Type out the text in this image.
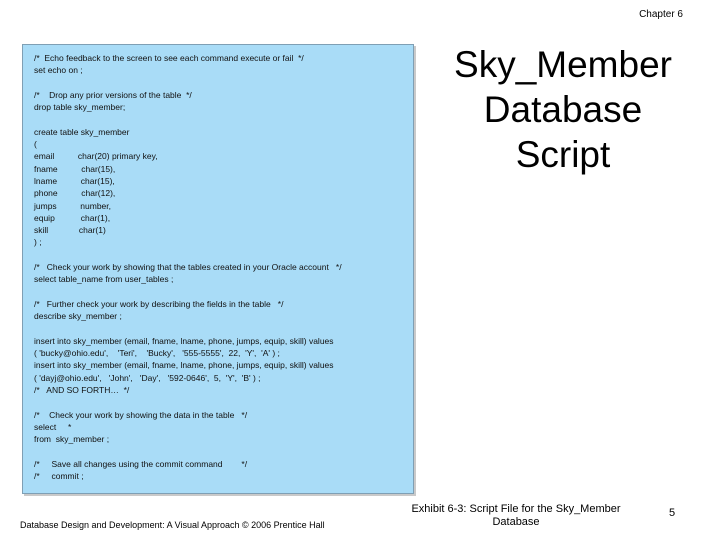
Chapter 6
/*  Echo feedback to the screen to see each command execute or fail  */
set echo on ;
/*    Drop any prior versions of the table  */
drop table sky_member;
create table sky_member
(
email          char(20) primary key,
fname          char(15),
lname          char(15),
phone          char(12),
jumps          number,
equip           char(1),
skill             char(1)
) ;
/*   Check your work by showing that the tables created in your Oracle account   */
select table_name from user_tables ;
/*   Further check your work by describing the fields in the table   */
describe sky_member ;
insert into sky_member (email, fname, lname, phone, jumps, equip, skill) values
( 'bucky@ohio.edu',    'Teri',    'Bucky',   '555-5555',  22,  'Y',  'A' ) ;
insert into sky_member (email, fname, lname, phone, jumps, equip, skill) values
( 'dayj@ohio.edu',   'John',   'Day',   '592-0646',  5,  'Y',  'B' ) ;
/*   AND SO FORTH…  */
/*    Check your work by showing the data in the table   */
select     *
from  sky_member ;
/*     Save all changes using the commit command        */
/*     commit ;
Sky_Member
Database
Script
Database Design and Development: A Visual Approach © 2006 Prentice Hall
Exhibit 6-3: Script File for the Sky_Member Database
5
